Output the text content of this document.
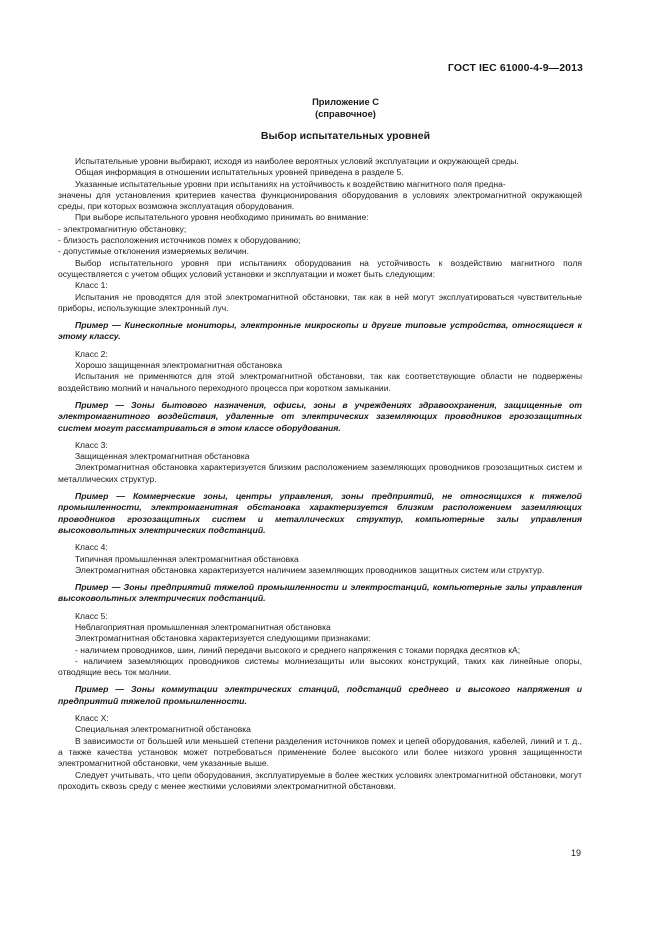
ГОСТ IEC 61000-4-9—2013
Приложение С
(справочное)
Выбор испытательных уровней

Испытательные уровни выбирают, исходя из наиболее вероятных условий эксплуатации и окружающей среды.

Общая информация в отношении испытательных уровней приведена в разделе 5.

Указанные испытательные уровни при испытаниях на устойчивость к воздействию магнитного поля предна-

значены для установления критериев качества функционирования оборудования в условиях электромагнитной окружающей среды, при которых возможна эксплуатация оборудования.

При выборе испытательного уровня необходимо принимать во внимание:

- электромагнитную обстановку;

- близость расположения источников помех к оборудованию;

- допустимые отклонения измеряемых величин.

Выбор испытательного уровня при испытаниях оборудования на устойчивость к воздействию магнитного поля осуществляется с учетом общих условий установки и эксплуатации и может быть следующим:

Класс 1:

Испытания не проводятся для этой электромагнитной обстановки, так как в ней могут эксплуатироваться чувствительные приборы, использующие электронный луч.

Пример — Кинескопные мониторы, электронные микроскопы и другие типовые устройства, относящиеся к этому классу.

Класс 2:

Хорошо защищенная электромагнитная обстановка

Испытания не применяются для этой электромагнитной обстановки, так как соответствующие области не подвержены воздействию молний и начального переходного процесса при коротком замыкании.

Пример — Зоны бытового назначения, офисы, зоны в учреждениях здравоохранения, защищенные от электромагнитного воздействия, удаленные от электрических заземляющих проводников грозозащитных систем могут рассматриваться в этом классе оборудования.

Класс 3:

Защищенная электромагнитная обстановка

Электромагнитная обстановка характеризуется близким расположением заземляющих проводников грозозащитных систем и металлических структур.

Пример — Коммерческие зоны, центры управления, зоны предприятий, не относящихся к тяжелой промышленности, электромагнитная обстановка характеризуется близким расположением заземляющих проводников грозозащитных систем и металлических структур, компьютерные залы управления высоковольтных электрических подстанций.

Класс 4:

Типичная промышленная электромагнитная обстановка

Электромагнитная обстановка характеризуется наличием заземляющих проводников защитных систем или структур.

Пример — Зоны предприятий тяжелой промышленности и электростанций, компьютерные залы управления высоковольтных электрических подстанций.

Класс 5:

Неблагоприятная промышленная электромагнитная обстановка

Электромагнитная обстановка характеризуется следующими признаками:

- наличием проводников, шин, линий передачи высокого и среднего напряжения с токами порядка десятков кА;

- наличием заземляющих проводников системы молниезащиты или высоких конструкций, таких как линейные опоры, отводящие весь ток молнии.

Пример — Зоны коммутации электрических станций, подстанций среднего и высокого напряжения и предприятий тяжелой промышленности.

Класс Х:

Специальная электромагнитной обстановка

В зависимости от большей или меньшей степени разделения источников помех и цепей оборудования, кабелей, линий и т. д., а также качества установок может потребоваться применение более высокого или более низкого уровня защищенности электромагнитной обстановки, чем указанные выше.

Следует учитывать, что цепи оборудования, эксплуатируемые в более жестких условиях электромагнитной обстановки, могут проходить сквозь среду с менее жесткими условиями электромагнитной обстановки.

19
